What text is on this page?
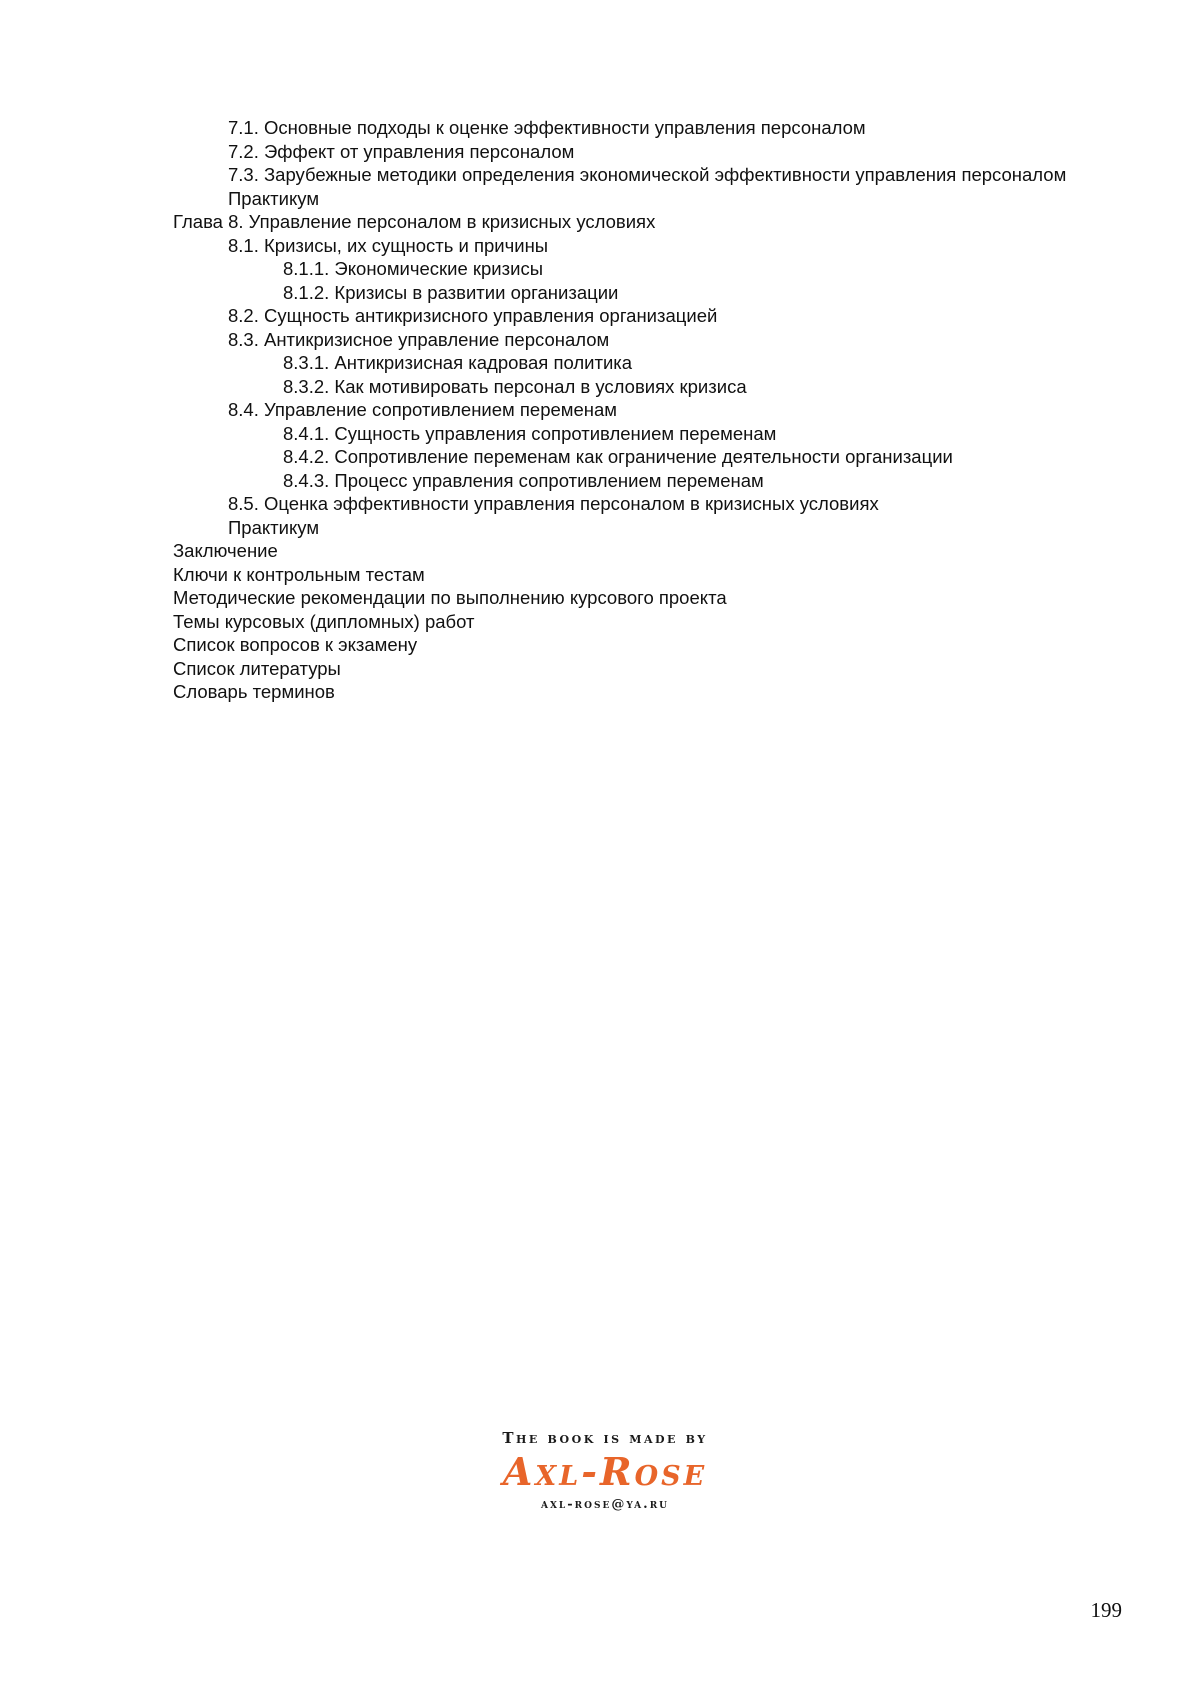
7.1. Основные подходы к оценке эффективности управления персоналом
7.2. Эффект от управления персоналом
7.3. Зарубежные методики определения экономической эффективности управления персоналом
Практикум
Глава 8. Управление персоналом в кризисных условиях
8.1. Кризисы, их сущность и причины
8.1.1. Экономические кризисы
8.1.2. Кризисы в развитии организации
8.2. Сущность антикризисного управления организацией
8.3. Антикризисное управление персоналом
8.3.1. Антикризисная кадровая политика
8.3.2. Как мотивировать персонал в условиях кризиса
8.4. Управление сопротивлением переменам
8.4.1. Сущность управления сопротивлением переменам
8.4.2. Сопротивление переменам как ограничение деятельности организации
8.4.3. Процесс управления сопротивлением переменам
8.5. Оценка эффективности управления персоналом в кризисных условиях
Практикум
Заключение
Ключи к контрольным тестам
Методические рекомендации по выполнению курсового проекта
Темы курсовых (дипломных) работ
Список вопросов к экзамену
Список литературы
Словарь терминов
The book is made by
Axl-Rose
axl-rose@ya.ru
199
